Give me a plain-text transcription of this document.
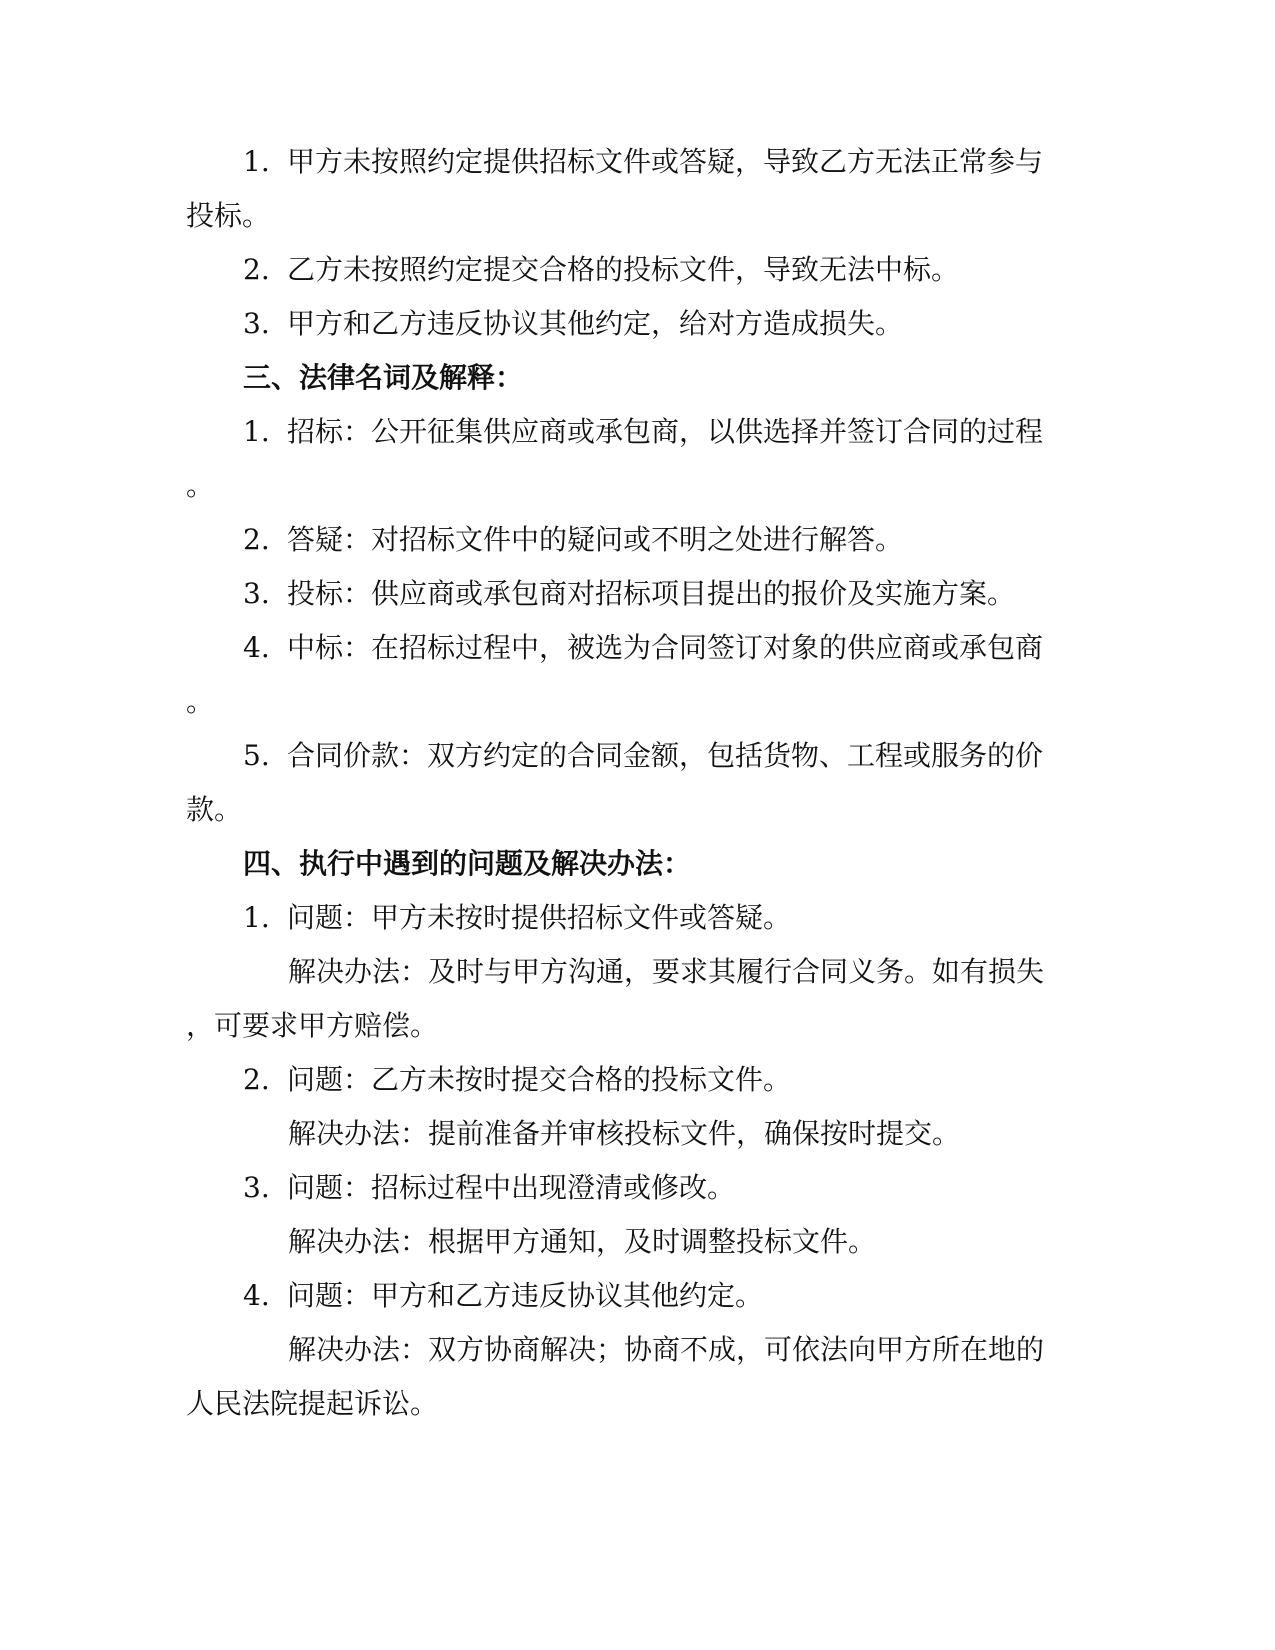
1. 甲方未按照约定提供招标文件或答疑，导致乙方无法正常参与
投标。
2. 乙方未按照约定提交合格的投标文件，导致无法中标。
3. 甲方和乙方违反协议其他约定，给对方造成损失。
三、法律名词及解释：
1. 招标：公开征集供应商或承包商，以供选择并签订合同的过程
。
2. 答疑：对招标文件中的疑问或不明之处进行解答。
3. 投标：供应商或承包商对招标项目提出的报价及实施方案。
4. 中标：在招标过程中，被选为合同签订对象的供应商或承包商
。
5. 合同价款：双方约定的合同金额，包括货物、工程或服务的价
款。
四、执行中遇到的问题及解决办法：
1. 问题：甲方未按时提供招标文件或答疑。
解决办法：及时与甲方沟通，要求其履行合同义务。如有损失
，可要求甲方赔偿。
2. 问题：乙方未按时提交合格的投标文件。
解决办法：提前准备并审核投标文件，确保按时提交。
3. 问题：招标过程中出现澄清或修改。
解决办法：根据甲方通知，及时调整投标文件。
4. 问题：甲方和乙方违反协议其他约定。
解决办法：双方协商解决；协商不成，可依法向甲方所在地的
人民法院提起诉讼。
